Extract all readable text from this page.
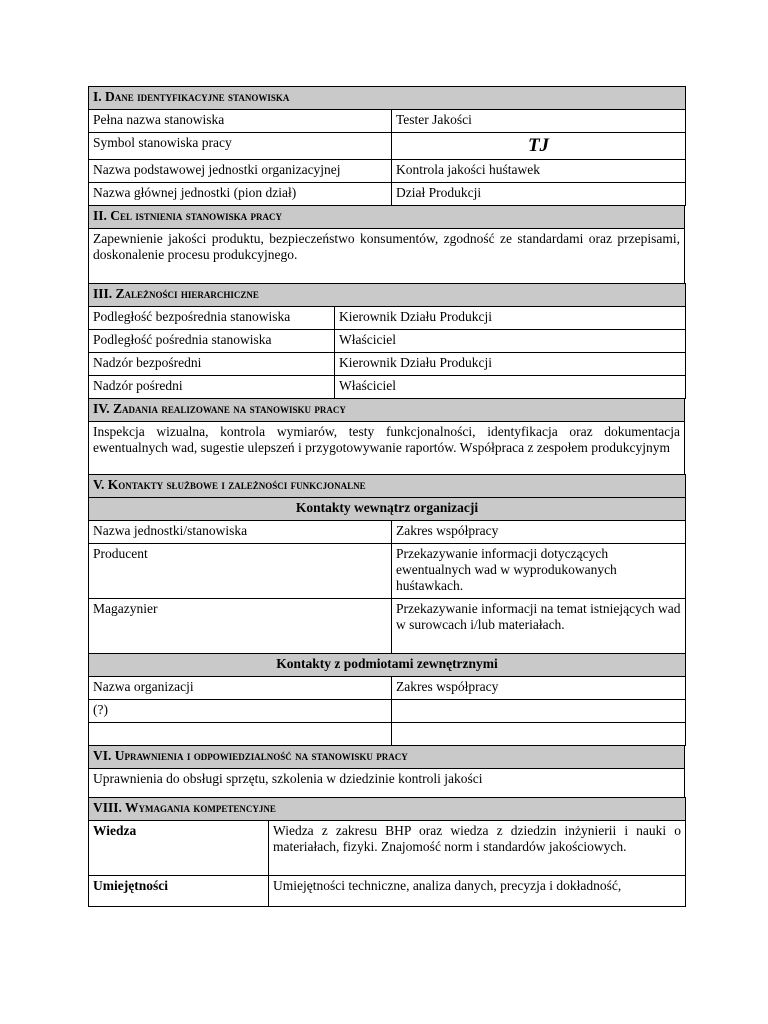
I. Dane identyfikacyjne stanowiska	
Pełna nazwa stanowiska	Tester Jakości
Symbol stanowiska pracy	TJ
Nazwa podstawowej jednostki organizacyjnej	Kontrola jakości huśtawek
Nazwa głównej jednostki (pion dział)	Dział Produkcji
II. Cel istnienia stanowiska pracy
Zapewnienie jakości produktu, bezpieczeństwo konsumentów, zgodność ze standardami oraz przepisami, doskonalenie procesu produkcyjnego.
III. Zależności hierarchiczne	
Podległość bezpośrednia stanowiska	Kierownik Działu Produkcji
Podległość pośrednia stanowiska	Właściciel
Nadzór bezpośredni	Kierownik Działu Produkcji
Nadzór pośredni	Właściciel
IV. Zadania realizowane na stanowisku pracy
Inspekcja wizualna, kontrola wymiarów, testy funkcjonalności, identyfikacja oraz dokumentacja ewentualnych wad, sugestie ulepszeń i przygotowywanie raportów. Współpraca z zespołem produkcyjnym
V. Kontakty służbowe i zależności funkcjonalne	
Kontakty wewnątrz organizacji	
Nazwa jednostki/stanowiska	Zakres współpracy
Producent	Przekazywanie informacji dotyczących ewentualnych wad w wyprodukowanych huśtawkach.
Magazynier	Przekazywanie informacji na temat istniejących wad w surowcach i/lub materiałach.
Kontakty z podmiotami zewnętrznymi	
Nazwa organizacji	Zakres współpracy
(?)	

VI. Uprawnienia i odpowiedzialność na stanowisku pracy
Uprawnienia do obsługi sprzętu, szkolenia w dziedzinie kontroli jakości
VIII. Wymagania kompetencyjne	
Wiedza	Wiedza z zakresu BHP oraz wiedza z dziedzin inżynierii i nauki o materiałach, fizyki. Znajomość norm i standardów jakościowych.
Umiejętności	Umiejętności techniczne, analiza danych, precyzja i dokładność,
